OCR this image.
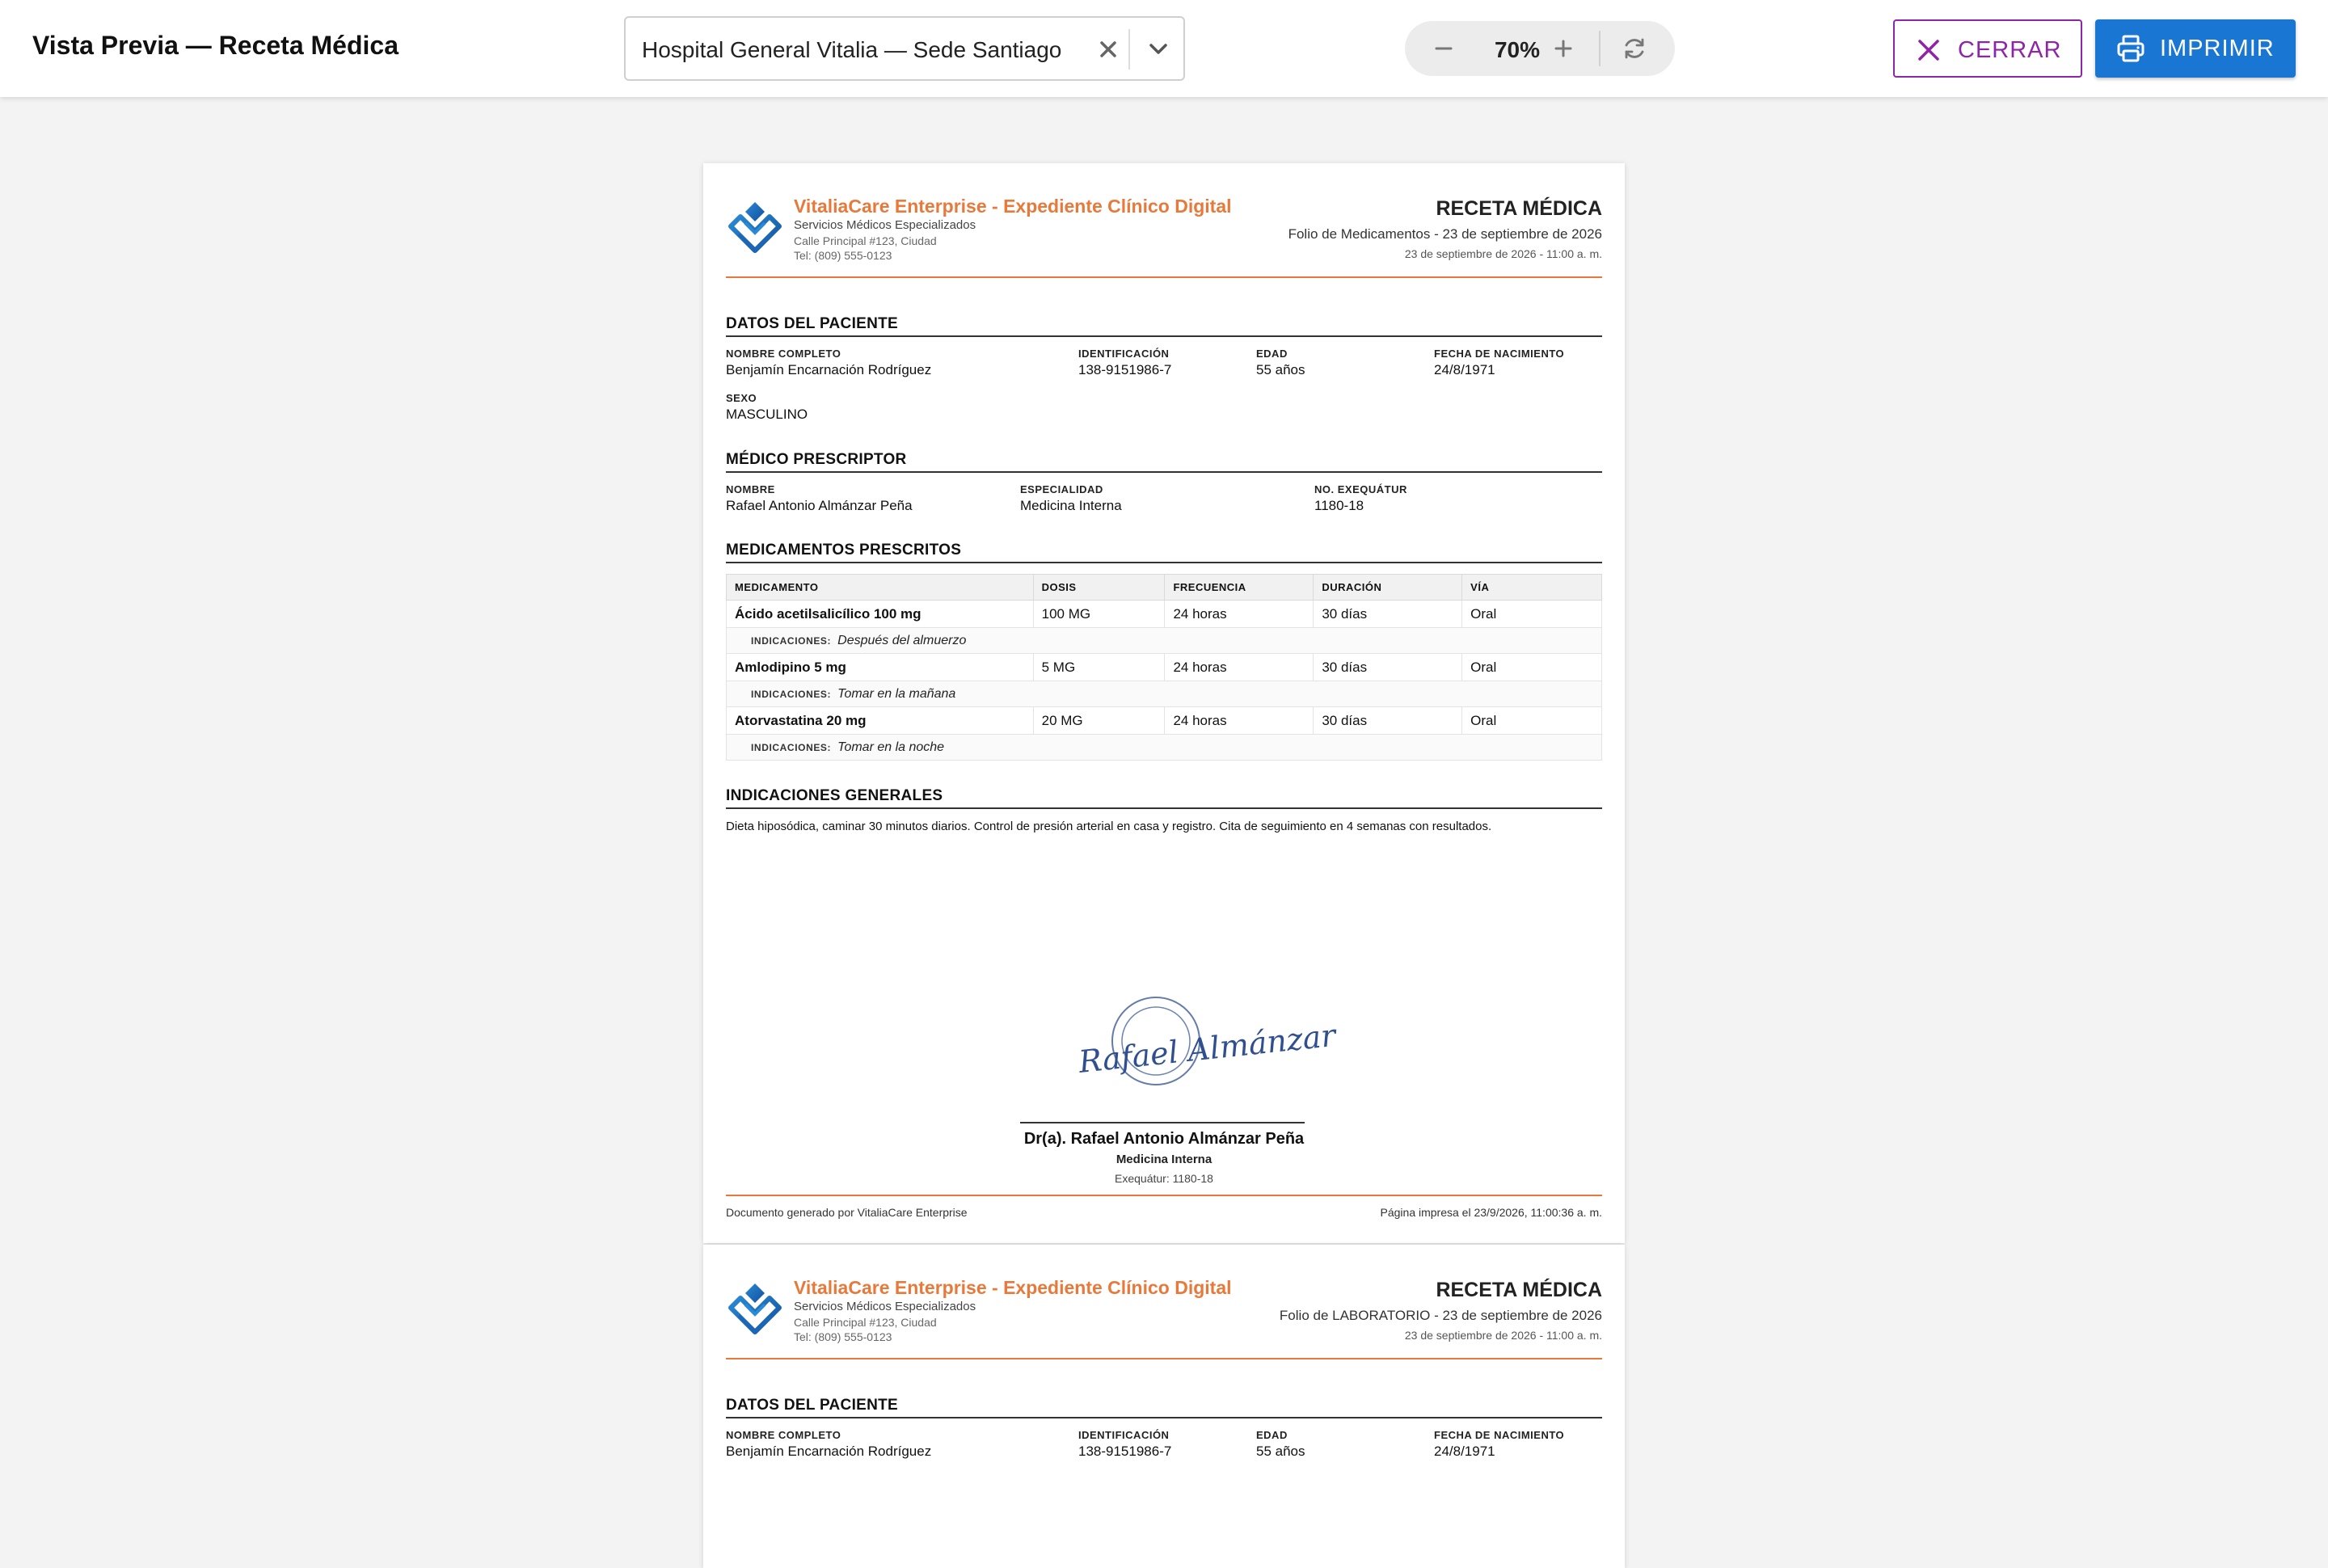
Vista Previa — Receta Médica	Hospital General Vitalia — Sede Santiago	70%	CERRAR	IMPRIMIR
VitaliaCare Enterprise - Expediente Clínico Digital
Servicios Médicos Especializados
Calle Principal #123, Ciudad
Tel: (809) 555-0123
RECETA MÉDICA
Folio de Medicamentos - 23 de septiembre de 2026
23 de septiembre de 2026 - 11:00 a. m.
DATOS DEL PACIENTE
NOMBRE COMPLETO
Benjamín Encarnación Rodríguez
IDENTIFICACIÓN
138-9151986-7
EDAD
55 años
FECHA DE NACIMIENTO
24/8/1971
SEXO
MASCULINO
MÉDICO PRESCRIPTOR
NOMBRE
Rafael Antonio Almánzar Peña
ESPECIALIDAD
Medicina Interna
NO. EXEQUÁTUR
1180-18
MEDICAMENTOS PRESCRITOS
MEDICAMENTO	DOSIS	FRECUENCIA	DURACIÓN	VÍA
Ácido acetilsalicílico 100 mg	100 MG	24 horas	30 días	Oral
INDICACIONES: Después del almuerzo				
Amlodipino 5 mg	5 MG	24 horas	30 días	Oral
INDICACIONES: Tomar en la mañana				
Atorvastatina 20 mg	20 MG	24 horas	30 días	Oral
INDICACIONES: Tomar en la noche				
INDICACIONES GENERALES
Dieta hiposódica, caminar 30 minutos diarios. Control de presión arterial en casa y registro. Cita de seguimiento en 4 semanas con resultados.
Rafael Almánzar
Dr(a). Rafael Antonio Almánzar Peña
Medicina Interna
Exequátur: 1180-18
Documento generado por VitaliaCare Enterprise	Página impresa el 23/9/2026, 11:00:36 a. m.
VitaliaCare Enterprise - Expediente Clínico Digital
Servicios Médicos Especializados
Calle Principal #123, Ciudad
Tel: (809) 555-0123
RECETA MÉDICA
Folio de LABORATORIO - 23 de septiembre de 2026
23 de septiembre de 2026 - 11:00 a. m.
DATOS DEL PACIENTE
NOMBRE COMPLETO
Benjamín Encarnación Rodríguez
IDENTIFICACIÓN
138-9151986-7
EDAD
55 años
FECHA DE NACIMIENTO
24/8/1971
